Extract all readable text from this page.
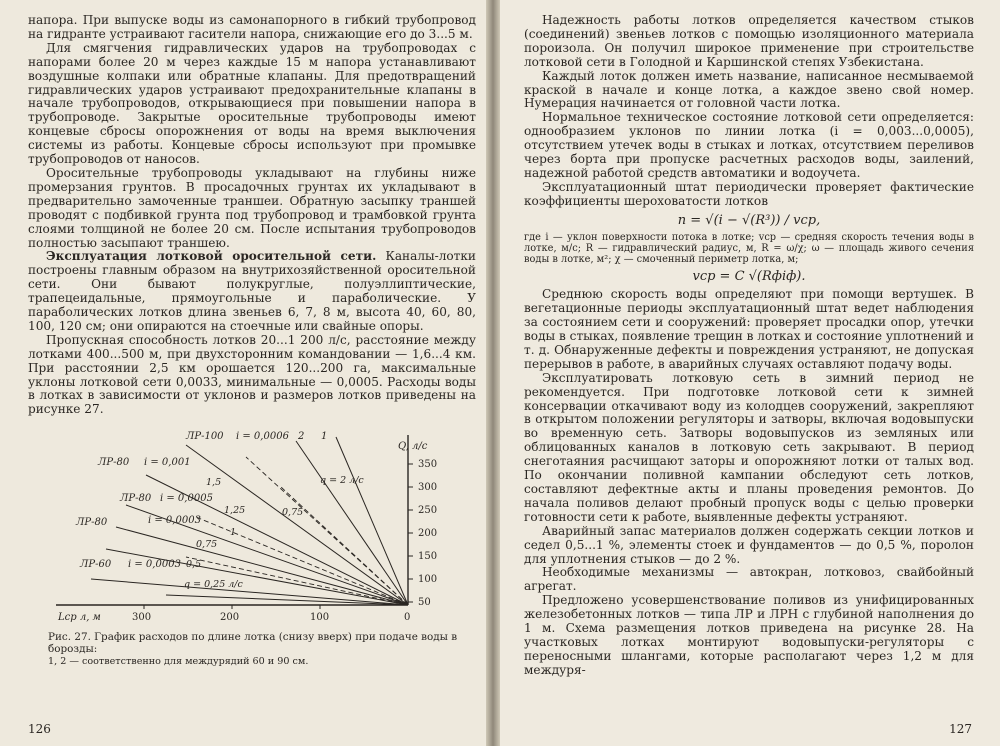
напора. При выпуске воды из самонапорного в гибкий трубопровод на гидранте устраивают гасители напора, снижающие его до 3...5 м.

Для смягчения гидравлических ударов на трубопроводах с напорами более 20 м через каждые 15 м напора устанавливают воздушные колпаки или обратные клапаны. Для предотвращений гидравлических ударов устраивают предохранительные клапаны в начале трубопроводов, открывающиеся при повышении напора в трубопроводе. Закрытые оросительные трубопроводы имеют концевые сбросы опорожнения от воды на время выключения системы из работы. Концевые сбросы используют при промывке трубопроводов от наносов.

Оросительные трубопроводы укладывают на глубины ниже промерзания грунтов. В просадочных грунтах их укладывают в предварительно замоченные траншеи. Обратную засыпку траншей проводят с подбивкой грунта под трубопровод и трамбовкой грунта слоями толщиной не более 20 см. После испытания трубопроводов полностью засыпают траншею.

Эксплуатация лотковой оросительной сети. Каналы-лотки построены главным образом на внутрихозяйственной оросительной сети. Они бывают полукруглые, полуэллиптические, трапецеидальные, прямоугольные и параболические. У параболических лотков длина звеньев 6, 7, 8 м, высота 40, 60, 80, 100, 120 см; они опираются на стоечные или свайные опоры.

Пропускная способность лотков 20...1 200 л/с, расстояние между лотками 400...500 м, при двухсторонним командовании — 1,6...4 км. При расстоянии 2,5 км орошается 120...200 га, максимальные уклоны лотковой сети 0,0033, минимальные — 0,0005. Расходы воды в лотках в зависимости от уклонов и размеров лотков приведены на рисунке 27.

350
300
250
200
150
100
50
300	200	100	0
Lср л, м
ЛР-100 i = 0,0006 2 1
Q, л/с
ЛР-80 i = 0,001
ЛР-80 i = 0,0005
ЛР-80	i = 0,0003
ЛР-60 i = 0,0003
1,5
1,25
1
0,75
0,5
0,75
q = 2 л/с
q = 0,25 л/с
Рис. 27. График расходов по длине лотка (снизу вверх) при подаче воды в борозды:
1, 2 — соответственно для междурядий 60 и 90 см.
126

Надежность работы лотков определяется качеством стыков (соединений) звеньев лотков с помощью изоляционного материала пороизола. Он получил широкое применение при строительстве лотковой сети в Голодной и Каршинской степях Узбекистана.

Каждый лоток должен иметь название, написанное несмываемой краской в начале и конце лотка, а каждое звено свой номер. Нумерация начинается от головной части лотка.

Нормальное техническое состояние лотковой сети определяется: однообразием уклонов по линии лотка (i = 0,003...0,0005), отсутствием утечек воды в стыках и лотках, отсутствием переливов через борта при пропуске расчетных расходов воды, заилений, надежной работой средств автоматики и водоучета.

Эксплуатационный штат периодически проверяет фактические коэффициенты шероховатости лотков

n = √(i − √(R³)) / vср,

где i — уклон поверхности потока в лотке; vср — средняя скорость течения воды в лотке, м/с; R — гидравлический радиус, м, R = ω/χ; ω — площадь живого сечения воды в лотке, м²; χ — смоченный периметр лотка, м;

vср = C √(Rфiф).

Среднюю скорость воды определяют при помощи вертушек. В вегетационные периоды эксплуатационный штат ведет наблюдения за состоянием сети и сооружений: проверяет просадки опор, утечки воды в стыках, появление трещин в лотках и состояние уплотнений и т. д. Обнаруженные дефекты и повреждения устраняют, не допуская перерывов в работе, в аварийных случаях оставляют подачу воды.

Эксплуатировать лотковую сеть в зимний период не рекомендуется. При подготовке лотковой сети к зимней консервации откачивают воду из колодцев сооружений, закрепляют в открытом положении регуляторы и затворы, включая водовыпуски во временную сеть. Затворы водовыпусков из земляных или облицованных каналов в лотковую сеть закрывают. В период снеготаяния расчищают заторы и опорожняют лотки от талых вод. По окончании поливной кампании обследуют сеть лотков, составляют дефектные акты и планы проведения ремонтов. До начала поливов делают пробный пропуск воды с целью проверки готовности сети к работе, выявленные дефекты устраняют.

Аварийный запас материалов должен содержать секции лотков и седел 0,5...1 %, элементы стоек и фундаментов — до 0,5 %, поролон для уплотнения стыков — до 2 %.

Необходимые механизмы — автокран, лотковоз, свайбойный агрегат.

Предложено усовершенствование поливов из унифицированных железобетонных лотков — типа ЛР и ЛРН с глубиной наполнения до 1 м. Схема размещения лотков приведена на рисунке 28. На участковых лотках монтируют водовыпуски-регуляторы с переносными шлангами, которые располагают через 1,2 м для междуря-

127
